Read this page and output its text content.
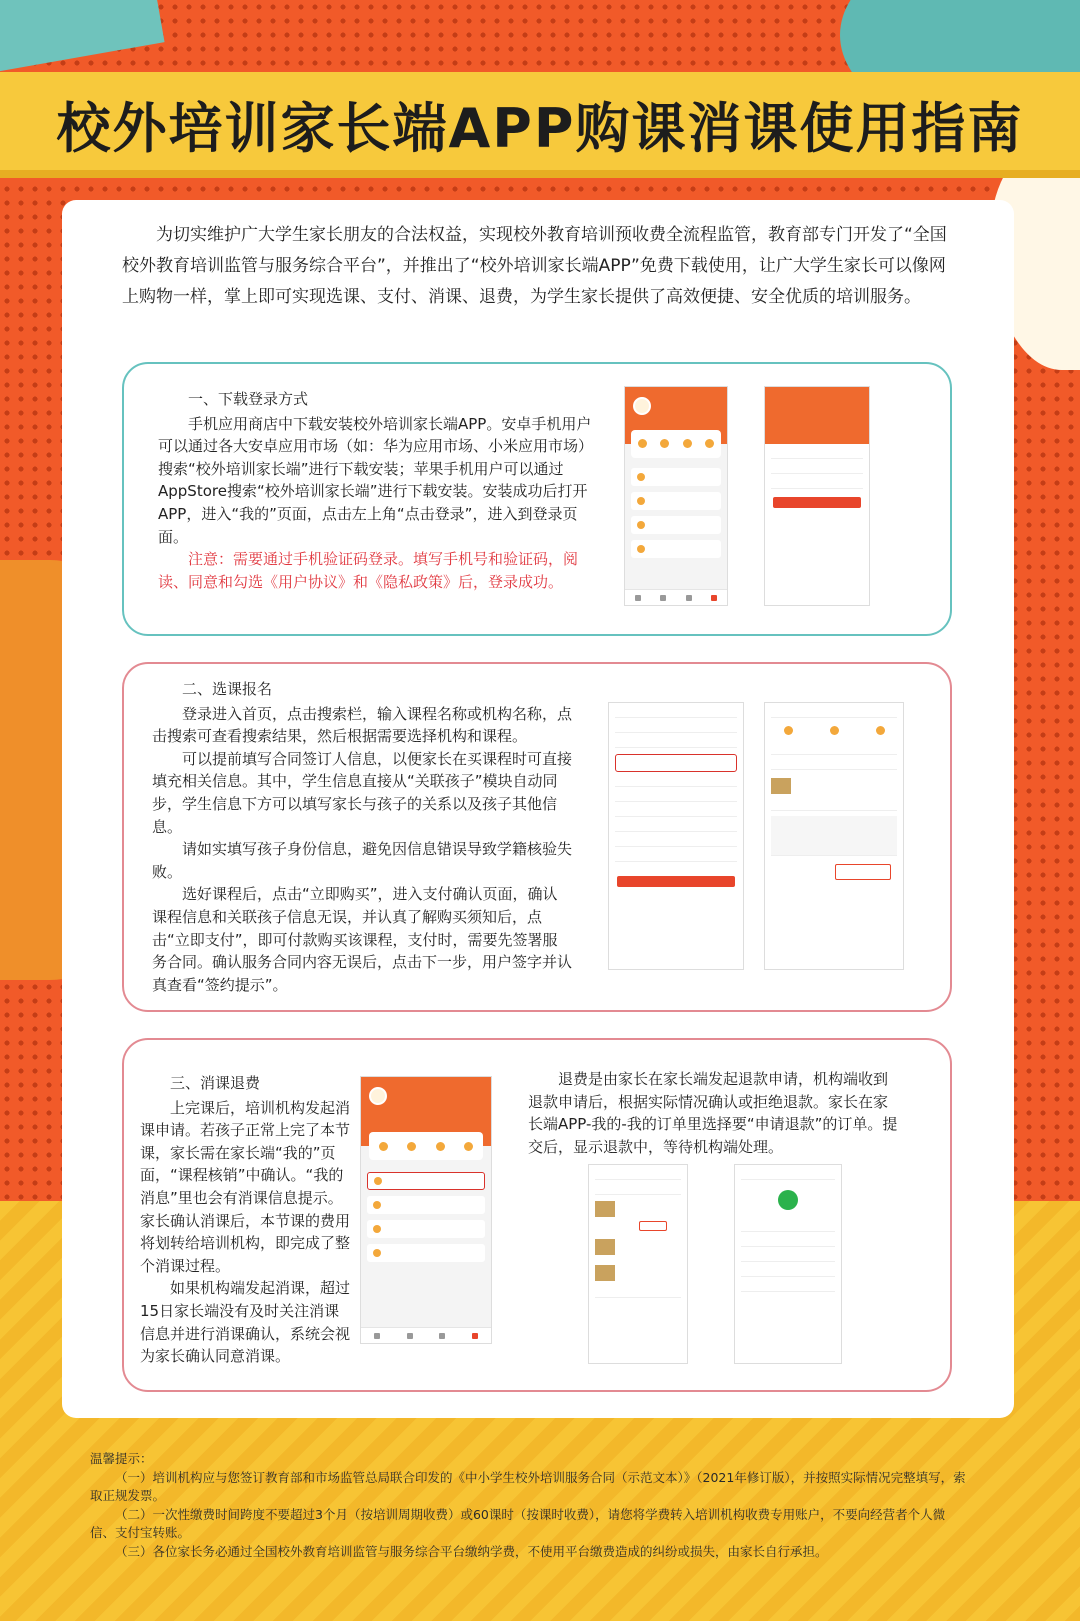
校外培训家长端APP购课消课使用指南

为切实维护广大学生家长朋友的合法权益，实现校外教育培训预收费全流程监管，教育部专门开发了“全国校外教育培训监管与服务综合平台”，并推出了“校外培训家长端APP”免费下载使用，让广大学生家长可以像网上购物一样，掌上即可实现选课、支付、消课、退费，为学生家长提供了高效便捷、安全优质的培训服务。

一、下载登录方式

手机应用商店中下载安装校外培训家长端APP。安卓手机用户可以通过各大安卓应用市场（如：华为应用市场、小米应用市场）搜索“校外培训家长端”进行下载安装；苹果手机用户可以通过AppStore搜索“校外培训家长端”进行下载安装。安装成功后打开APP，进入“我的”页面，点击左上角“点击登录”，进入到登录页面。

注意：需要通过手机验证码登录。填写手机号和验证码，阅读、同意和勾选《用户协议》和《隐私政策》后，登录成功。

二、选课报名

登录进入首页，点击搜索栏，输入课程名称或机构名称，点击搜索可查看搜索结果，然后根据需要选择机构和课程。

可以提前填写合同签订人信息，以便家长在买课程时可直接填充相关信息。其中，学生信息直接从“关联孩子”模块自动同步，学生信息下方可以填写家长与孩子的关系以及孩子其他信息。

请如实填写孩子身份信息，避免因信息错误导致学籍核验失败。

选好课程后，点击“立即购买”，进入支付确认页面，确认课程信息和关联孩子信息无误，并认真了解购买须知后，点击“立即支付”，即可付款购买该课程，支付时，需要先签署服务合同。确认服务合同内容无误后，点击下一步，用户签字并认真查看“签约提示”。

三、消课退费

上完课后，培训机构发起消课申请。若孩子正常上完了本节课，家长需在家长端“我的”页面，“课程核销”中确认。“我的消息”里也会有消课信息提示。家长确认消课后，本节课的费用将划转给培训机构，即完成了整个消课过程。

如果机构端发起消课，超过15日家长端没有及时关注消课信息并进行消课确认，系统会视为家长确认同意消课。

退费是由家长在家长端发起退款申请，机构端收到退款申请后，根据实际情况确认或拒绝退款。家长在家长端APP-我的-我的订单里选择要“申请退款”的订单。提交后，显示退款中，等待机构端处理。

温馨提示：

（一）培训机构应与您签订教育部和市场监管总局联合印发的《中小学生校外培训服务合同（示范文本）》（2021年修订版），并按照实际情况完整填写，索取正规发票。

（二）一次性缴费时间跨度不要超过3个月（按培训周期收费）或60课时（按课时收费），请您将学费转入培训机构收费专用账户，不要向经营者个人微信、支付宝转账。

（三）各位家长务必通过全国校外教育培训监管与服务综合平台缴纳学费，不使用平台缴费造成的纠纷或损失，由家长自行承担。
